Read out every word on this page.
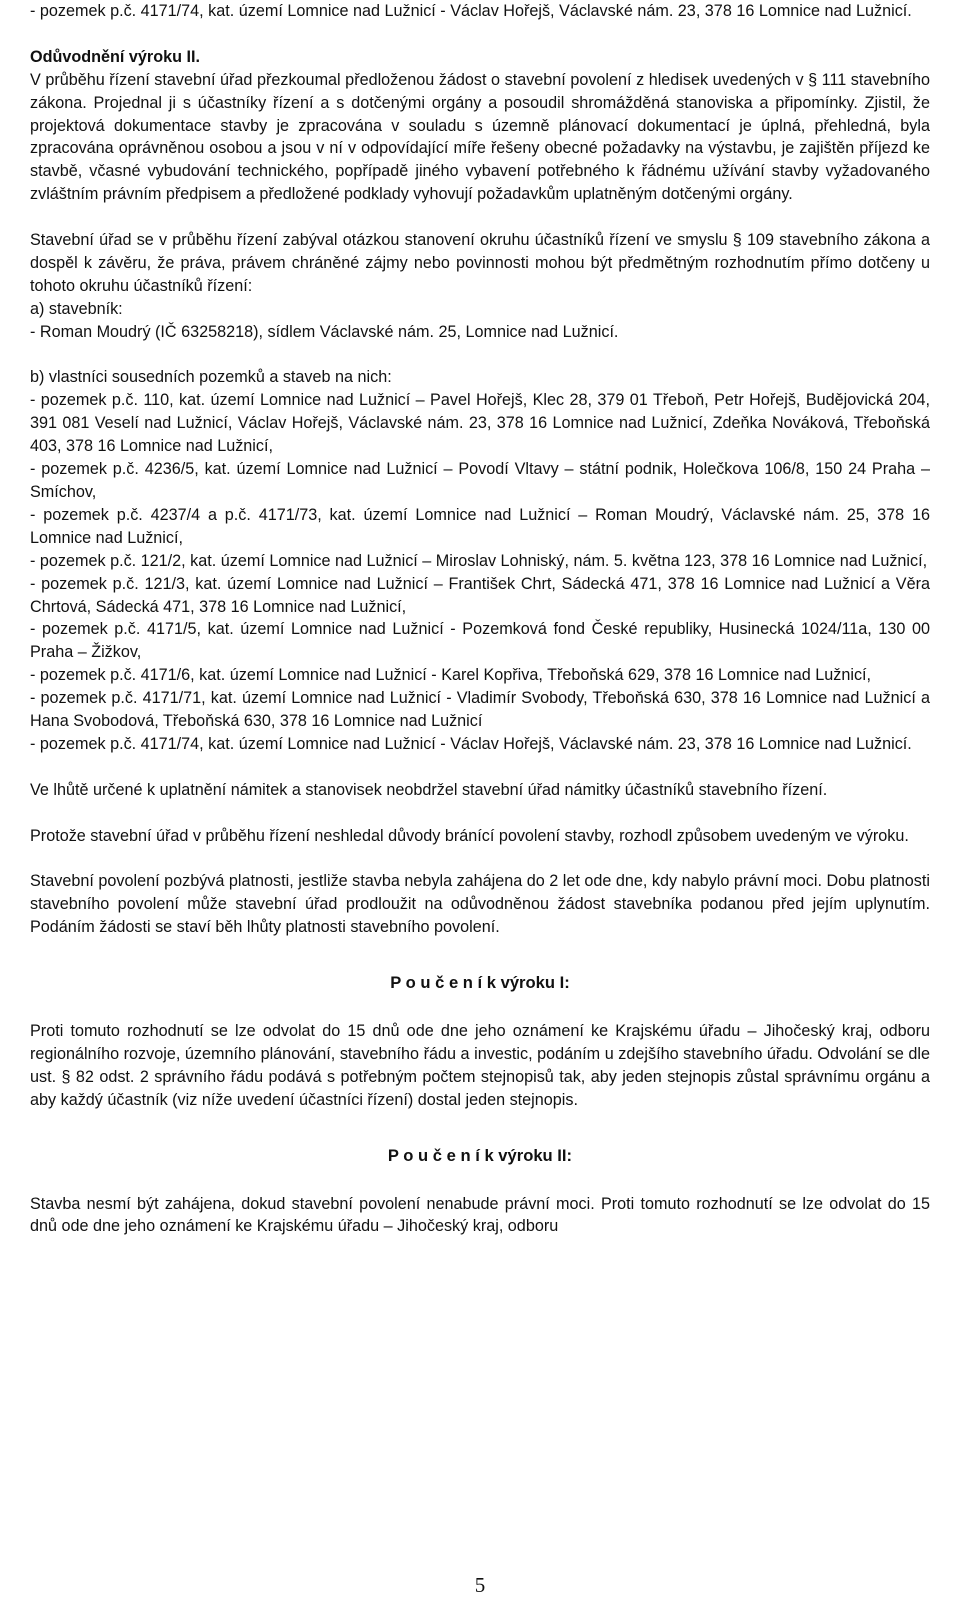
- pozemek p.č. 4171/74, kat. území Lomnice nad Lužnicí - Václav Hořejš, Václavské nám. 23, 378 16 Lomnice nad Lužnicí.

Odůvodnění výroku II.

V průběhu řízení stavební úřad přezkoumal předloženou žádost o stavební povolení z hledisek uvedených v § 111 stavebního zákona. Projednal ji s účastníky řízení a s dotčenými orgány a posoudil shromážděná stanoviska a připomínky. Zjistil, že projektová dokumentace stavby je zpracována v souladu s územně plánovací dokumentací je úplná, přehledná, byla zpracována oprávněnou osobou a jsou v ní v odpovídající míře řešeny obecné požadavky na výstavbu, je zajištěn příjezd ke stavbě, včasné vybudování technického, popřípadě jiného vybavení potřebného k řádnému užívání stavby vyžadovaného zvláštním právním předpisem a předložené podklady vyhovují požadavkům uplatněným dotčenými orgány.

Stavební úřad se v průběhu řízení zabýval otázkou stanovení okruhu účastníků řízení ve smyslu § 109 stavebního zákona a dospěl k závěru, že práva, právem chráněné zájmy nebo povinnosti mohou být předmětným rozhodnutím přímo dotčeny u tohoto okruhu účastníků řízení:

a) stavebník:

- Roman Moudrý (IČ 63258218), sídlem Václavské nám. 25, Lomnice nad Lužnicí.

b) vlastníci sousedních pozemků a staveb na nich:

- pozemek p.č. 110, kat. území Lomnice nad Lužnicí – Pavel Hořejš, Klec 28, 379 01 Třeboň, Petr Hořejš, Budějovická 204, 391 081 Veselí nad Lužnicí, Václav Hořejš, Václavské nám. 23, 378 16 Lomnice nad Lužnicí, Zdeňka Nováková, Třeboňská 403, 378 16 Lomnice nad Lužnicí,

- pozemek p.č. 4236/5, kat. území Lomnice nad Lužnicí – Povodí Vltavy – státní podnik, Holečkova 106/8, 150 24 Praha – Smíchov,

- pozemek p.č. 4237/4 a p.č. 4171/73, kat. území Lomnice nad Lužnicí – Roman Moudrý, Václavské nám. 25, 378 16 Lomnice nad Lužnicí,

- pozemek p.č. 121/2, kat. území Lomnice nad Lužnicí – Miroslav Lohniský, nám. 5. května 123, 378 16 Lomnice nad Lužnicí,

- pozemek p.č. 121/3, kat. území Lomnice nad Lužnicí – František Chrt, Sádecká 471, 378 16 Lomnice nad Lužnicí a Věra Chrtová, Sádecká 471, 378 16 Lomnice nad Lužnicí,

- pozemek p.č. 4171/5, kat. území Lomnice nad Lužnicí - Pozemková fond České republiky, Husinecká 1024/11a, 130 00 Praha – Žižkov,

- pozemek p.č. 4171/6, kat. území Lomnice nad Lužnicí - Karel Kopřiva, Třeboňská 629, 378 16 Lomnice nad Lužnicí,

- pozemek p.č. 4171/71, kat. území Lomnice nad Lužnicí - Vladimír Svobody, Třeboňská 630, 378 16 Lomnice nad Lužnicí a Hana Svobodová, Třeboňská 630, 378 16 Lomnice nad Lužnicí

- pozemek p.č. 4171/74, kat. území Lomnice nad Lužnicí - Václav Hořejš, Václavské nám. 23, 378 16 Lomnice nad Lužnicí.

Ve lhůtě určené k uplatnění námitek a stanovisek neobdržel stavební úřad námitky účastníků stavebního řízení.

Protože stavební úřad v průběhu řízení neshledal důvody bránící povolení stavby, rozhodl způsobem uvedeným ve výroku.

Stavební povolení pozbývá platnosti, jestliže stavba nebyla zahájena do 2 let ode dne, kdy nabylo právní moci. Dobu platnosti stavebního povolení může stavební úřad prodloužit na odůvodněnou žádost stavebníka podanou před jejím uplynutím. Podáním žádosti se staví běh lhůty platnosti stavebního povolení.

P o u č e n í k výroku I:

Proti tomuto rozhodnutí se lze odvolat do 15 dnů ode dne jeho oznámení ke Krajskému úřadu – Jihočeský kraj, odboru regionálního rozvoje, územního plánování, stavebního řádu a investic, podáním u zdejšího stavebního úřadu. Odvolání se dle ust. § 82 odst. 2 správního řádu podává s potřebným počtem stejnopisů tak, aby jeden stejnopis zůstal správnímu orgánu a aby každý účastník (viz níže uvedení účastníci řízení) dostal jeden stejnopis.

P o u č e n í k výroku II:

Stavba nesmí být zahájena, dokud stavební povolení nenabude právní moci. Proti tomuto rozhodnutí se lze odvolat do 15 dnů ode dne jeho oznámení ke Krajskému úřadu – Jihočeský kraj, odboru

5
